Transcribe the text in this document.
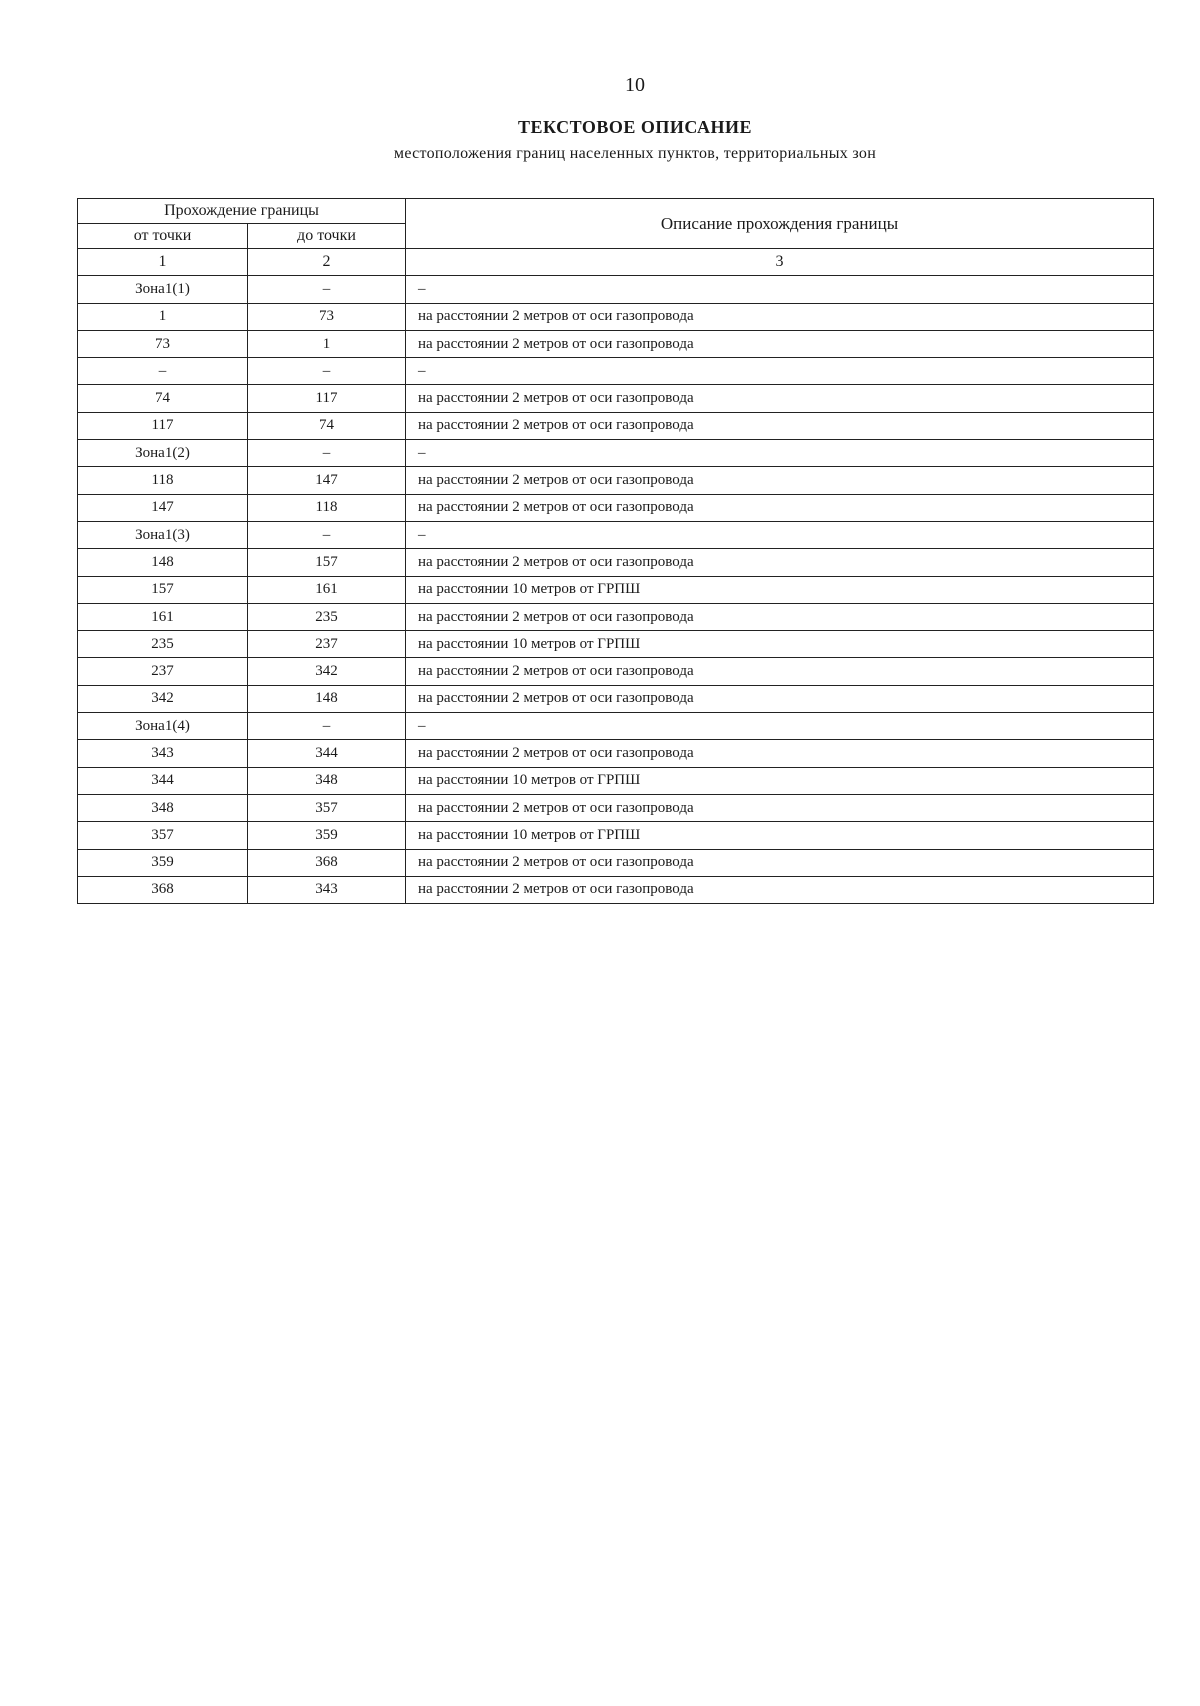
10
ТЕКСТОВОЕ ОПИСАНИЕ
местоположения границ населенных пунктов, территориальных зон
Прохождение границы		Описание прохождения границы
от точки	до точки	
1	2	3
Зона1(1)	–	–
1	73	на расстоянии 2 метров от оси газопровода
73	1	на расстоянии 2 метров от оси газопровода
–	–	–
74	117	на расстоянии 2 метров от оси газопровода
117	74	на расстоянии 2 метров от оси газопровода
Зона1(2)	–	–
118	147	на расстоянии 2 метров от оси газопровода
147	118	на расстоянии 2 метров от оси газопровода
Зона1(3)	–	–
148	157	на расстоянии 2 метров от оси газопровода
157	161	на расстоянии 10 метров от ГРПШ
161	235	на расстоянии 2 метров от оси газопровода
235	237	на расстоянии 10 метров от ГРПШ
237	342	на расстоянии 2 метров от оси газопровода
342	148	на расстоянии 2 метров от оси газопровода
Зона1(4)	–	–
343	344	на расстоянии 2 метров от оси газопровода
344	348	на расстоянии 10 метров от ГРПШ
348	357	на расстоянии 2 метров от оси газопровода
357	359	на расстоянии 10 метров от ГРПШ
359	368	на расстоянии 2 метров от оси газопровода
368	343	на расстоянии 2 метров от оси газопровода
